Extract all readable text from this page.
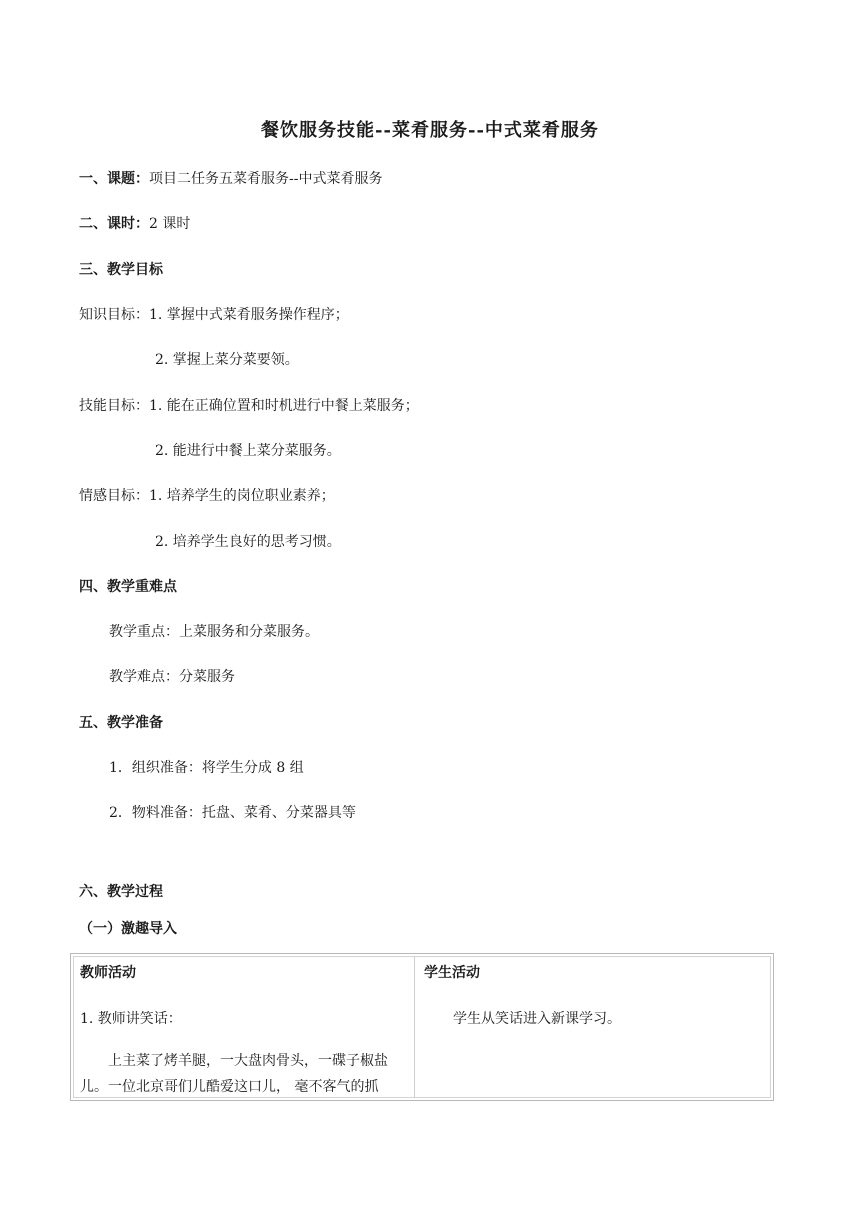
餐饮服务技能--菜肴服务--中式菜肴服务
一、课题：项目二任务五菜肴服务--中式菜肴服务
二、课时：2 课时
三、教学目标
知识目标：1. 掌握中式菜肴服务操作程序；
2. 掌握上菜分菜要领。
技能目标：1. 能在正确位置和时机进行中餐上菜服务；
2. 能进行中餐上菜分菜服务。
情感目标：1. 培养学生的岗位职业素养；
2. 培养学生良好的思考习惯。
四、教学重难点
教学重点：上菜服务和分菜服务。
教学难点：分菜服务
五、教学准备
1．组织准备：将学生分成 8 组
2．物料准备：托盘、菜肴、分菜器具等
六、教学过程
（一）激趣导入
教师活动	学生活动
1. 教师讲笑话：
上主菜了烤羊腿，一大盘肉骨头，一碟子椒盐
儿。一位北京哥们儿酷爱这口儿， 毫不客气的抓
学生从笑话进入新课学习。
